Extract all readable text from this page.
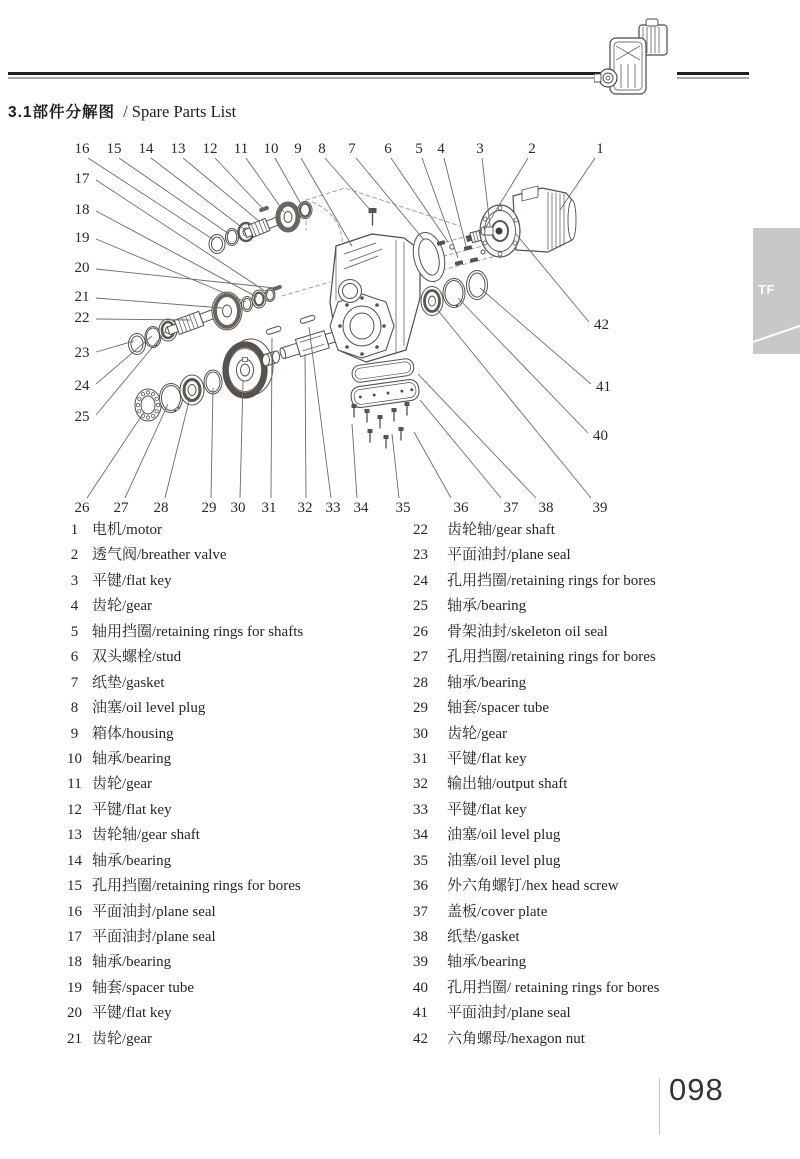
3.1部件分解图 / Spare Parts List
16 15 14 13 12 11 10 9 8 7 6 5 4 3	2	1
17
18
19
20
21
22
23
24
25
26 27 28 29 30 31 32 33 34 35	36 37 38	39
42
41
40
1 电机/motor
2 透气阀/breather valve
3 平键/flat key
4 齿轮/gear
5 轴用挡圈/retaining rings for shafts
6 双头螺栓/stud
7 纸垫/gasket
8 油塞/oil level plug
9 箱体/housing
10 轴承/bearing
11 齿轮/gear
12 平键/flat key
13 齿轮轴/gear shaft
14 轴承/bearing
15 孔用挡圈/retaining rings for bores
16 平面油封/plane seal
17 平面油封/plane seal
18 轴承/bearing
19 轴套/spacer tube
20 平键/flat key
21 齿轮/gear
22	齿轮轴/gear shaft
23	平面油封/plane seal
24	孔用挡圈/retaining rings for bores
25	轴承/bearing
26	骨架油封/skeleton oil seal
27	孔用挡圈/retaining rings for bores
28	轴承/bearing
29	轴套/spacer tube
30	齿轮/gear
31	平键/flat key
32	输出轴/output shaft
33	平键/flat key
34	油塞/oil level plug
35	油塞/oil level plug
36	外六角螺钉/hex head screw
37	盖板/cover plate
38	纸垫/gasket
39	轴承/bearing
40	孔用挡圈/ retaining rings for bores
41	平面油封/plane seal
42	六角螺母/hexagon nut
TF
098
